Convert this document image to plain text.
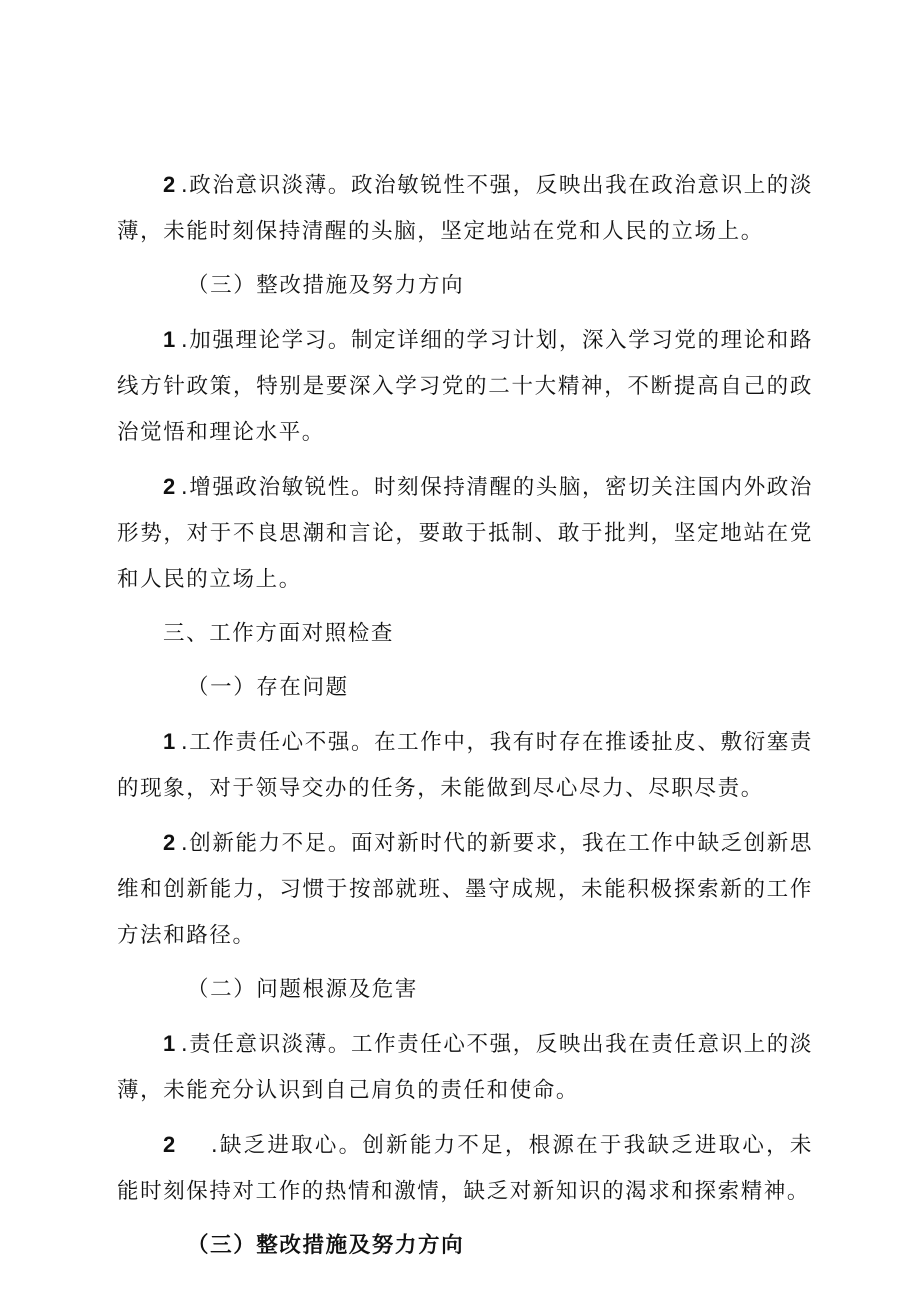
2 .政治意识淡薄。政治敏锐性不强，反映出我在政治意识上的淡薄，未能时刻保持清醒的头脑，坚定地站在党和人民的立场上。

（三）整改措施及努力方向

1 .加强理论学习。制定详细的学习计划，深入学习党的理论和路线方针政策，特别是要深入学习党的二十大精神，不断提高自己的政治觉悟和理论水平。

2 .增强政治敏锐性。时刻保持清醒的头脑，密切关注国内外政治形势，对于不良思潮和言论，要敢于抵制、敢于批判，坚定地站在党和人民的立场上。

三、工作方面对照检查

（一）存在问题

1 .工作责任心不强。在工作中，我有时存在推诿扯皮、敷衍塞责的现象，对于领导交办的任务，未能做到尽心尽力、尽职尽责。

2 .创新能力不足。面对新时代的新要求，我在工作中缺乏创新思维和创新能力，习惯于按部就班、墨守成规，未能积极探索新的工作方法和路径。

（二）问题根源及危害

1 .责任意识淡薄。工作责任心不强，反映出我在责任意识上的淡薄，未能充分认识到自己肩负的责任和使命。

2 .缺乏进取心。创新能力不足，根源在于我缺乏进取心，未能时刻保持对工作的热情和激情，缺乏对新知识的渴求和探索精神。

（三）整改措施及努力方向
